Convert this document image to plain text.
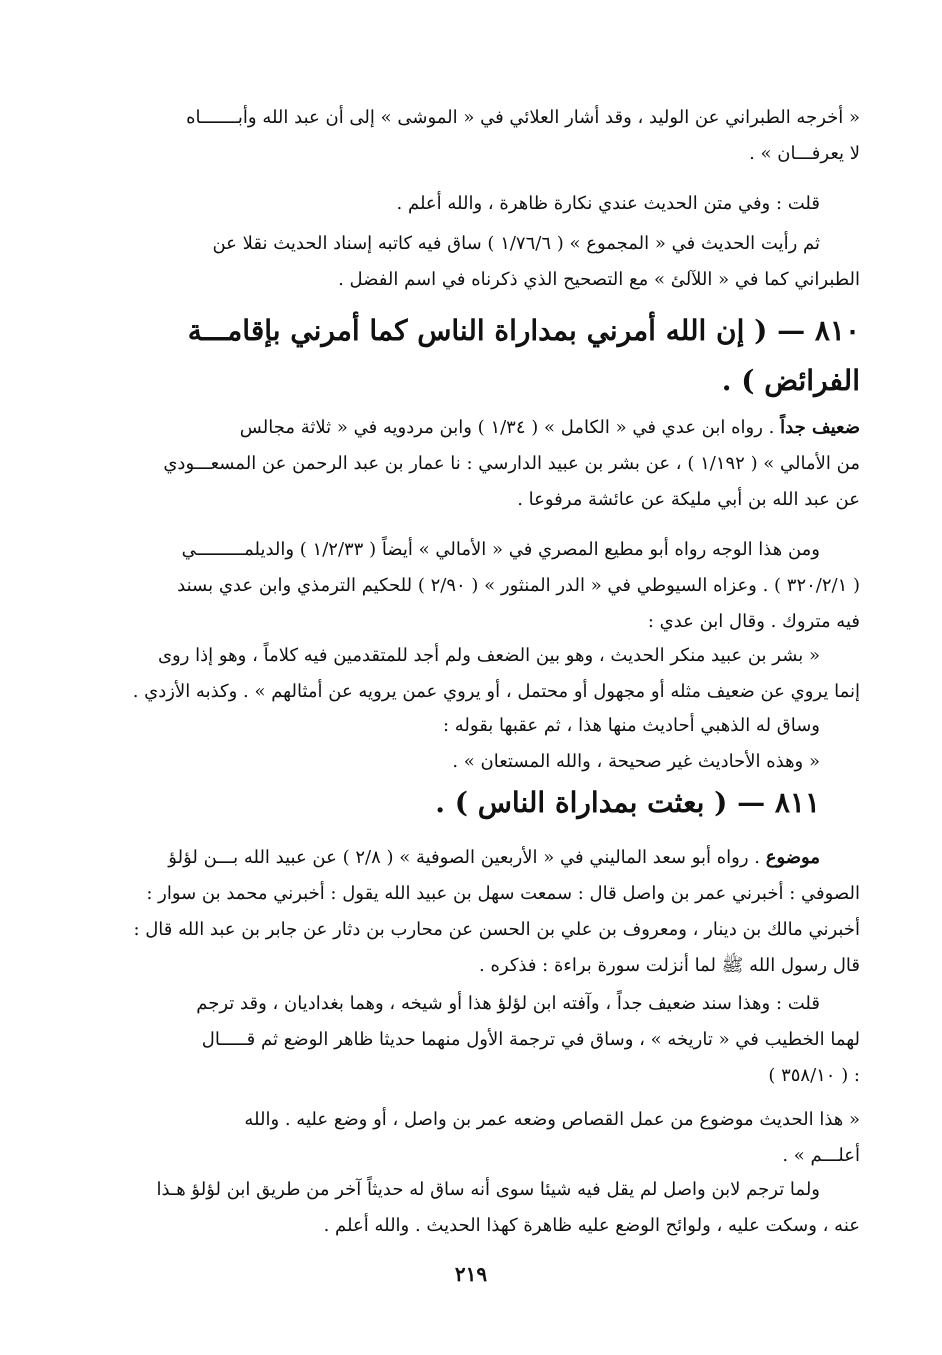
« أخرجه الطبراني عن الوليد ، وقد أشار العلائي في « الموشى » إلى أن عبد الله وأبـــــــاه
لا يعرفـــان » .
قلت : وفي متن الحديث عندي نكارة ظاهرة ، والله أعلم .
ثم رأيت الحديث في « المجموع » ( ١/٧٦/٦ ) ساق فيه كاتبه إسناد الحديث نقلا عن
الطبراني كما في « اللآلئ » مع التصحيح الذي ذكرناه في اسم الفضل .
٨١٠ — ( إن الله أمرني بمداراة الناس كما أمرني بإقامـــة
الفرائض ) .
ضعيف جداً . رواه ابن عدي في « الكامل » ( ١/٣٤ ) وابن مردويه في « ثلاثة مجالس
من الأمالي » ( ١/١٩٢ ) ، عن بشر بن عبيد الدارسي : نا عمار بن عبد الرحمن عن المسعـــودي
عن عبد الله بن أبي مليكة عن عائشة مرفوعا .
ومن هذا الوجه رواه أبو مطيع المصري في « الأمالي » أيضاً ( ١/٢/٣٣ ) والديلمـــــــــي
( ٣٢٠/٢/١ ) . وعزاه السيوطي في « الدر المنثور » ( ٢/٩٠ ) للحكيم الترمذي وابن عدي بسند
فيه متروك . وقال ابن عدي :
« بشر بن عبيد منكر الحديث ، وهو بين الضعف ولم أجد للمتقدمين فيه كلاماً ، وهو إذا روى
إنما يروي عن ضعيف مثله أو مجهول أو محتمل ، أو يروي عمن يرويه عن أمثالهم » . وكذبه الأزدي .
وساق له الذهبي أحاديث منها هذا ، ثم عقبها بقوله :
« وهذه الأحاديث غير صحيحة ، والله المستعان » .
٨١١ — ( بعثت بمداراة الناس ) .
موضوع . رواه أبو سعد الماليني في « الأربعين الصوفية » ( ٢/٨ ) عن عبيد الله بـــن لؤلؤ
الصوفي : أخبرني عمر بن واصل قال : سمعت سهل بن عبيد الله يقول : أخبرني محمد بن سوار :
أخبرني مالك بن دينار ، ومعروف بن علي بن الحسن عن محارب بن دثار عن جابر بن عبد الله قال :
قال رسول الله ﷺ لما أنزلت سورة براءة : فذكره .
قلت : وهذا سند ضعيف جداً ، وآفته ابن لؤلؤ هذا أو شيخه ، وهما بغداديان ، وقد ترجم
لهما الخطيب في « تاريخه » ، وساق في ترجمة الأول منهما حديثا ظاهر الوضع ثم قـــــال
: ( ٣٥٨/١٠ )
« هذا الحديث موضوع من عمل القصاص وضعه عمر بن واصل ، أو وضع عليه . والله
أعلـــم » .
ولما ترجم لابن واصل لم يقل فيه شيئا سوى أنه ساق له حديثاً آخر من طريق ابن لؤلؤ هـذا
عنه ، وسكت عليه ، ولوائح الوضع عليه ظاهرة كهذا الحديث . والله أعلم .
٢١٩
